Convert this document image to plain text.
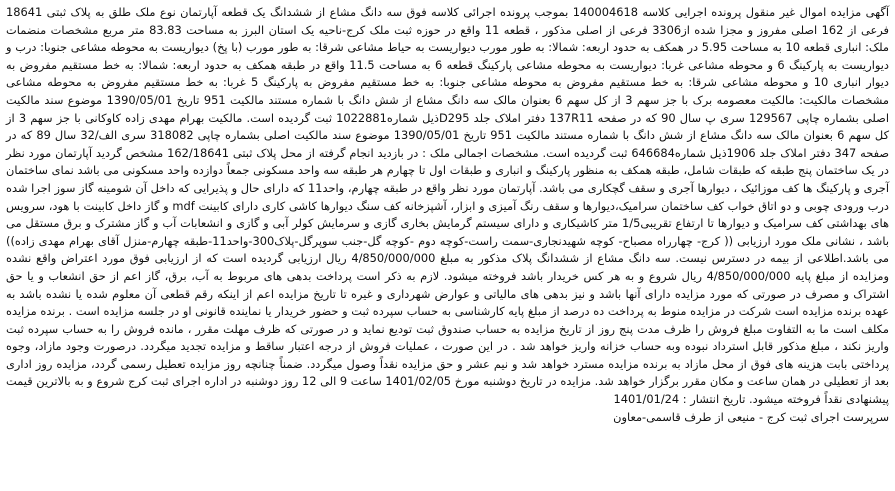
آگهی مزایده اموال غیر منقول پرونده اجرایی کلاسه 140004618 بموجب پرونده اجرائی کلاسه فوق سه دانگ مشاع از ششدانگ یک قطعه آپارتمان نوع ملک طلق به پلاک ثبتی 18641 فرعی از 162 اصلی مفروز و مجزا شده از3306 فرعی از اصلی مذکور ، قطعه 11 واقع در حوزه ثبت ملک کرج-ناحیه یک استان البرز به مساحت 83.83 متر مربع مشخصات منضمات ملک: انباری قطعه 10 به مساحت 5.95 در همکف به حدود اربعه: شمالا: به طور مورب دیواریست به حیاط مشاعی شرقا: به طور مورب (با پخ) دیواریست به محوطه مشاعی جنوبا: درب و دیواریست به پارکینگ 6 و محوطه مشاعی غربا: دیواریست به محوطه مشاعی پارکینگ قطعه 6 به مساحت 11.5 واقع در طبقه همکف به حدود اربعه: شمالا: به خط مستقیم مفروض به دیوار انباری 10 و محوطه مشاعی شرقا: به خط مستقیم مفروض به محوطه مشاعی جنوبا: به خط مستقیم مفروض به پارکینگ 5 غربا: به خط مستقیم مفروض به محوطه مشاعی مشخصات مالکیت: مالکیت معصومه برک با جز سهم 3 از کل سهم 6 بعنوان مالک سه دانگ مشاع از شش دانگ با شماره مستند مالکیت 951 تاریخ 1390/05/01 موضوع سند مالکیت اصلی بشماره چاپی 129567 سری پ سال 90 که در صفحه 137R11 دفتر املاک جلد D295ذیل شماره1022881 ثبت گردیده است. مالکیت بهرام مهدی زاده کاوکانی با جز سهم 3 از کل سهم 6 بعنوان مالک سه دانگ مشاع از شش دانگ با شماره مستند مالکیت 951 تاریخ 1390/05/01 موضوع سند مالکیت اصلی بشماره چاپی 318082 سری الف/32 سال 89 که در صفحه 347 دفتر املاک جلد 1906ذیل شماره646684 ثبت گردیده است. مشخصات اجمالی ملک : در بازدید انجام گرفته از محل پلاک ثبتی 162/18641 مشخص گردید آپارتمان مورد نظر در یک ساختمان پنج طبقه که طبقات شامل، طبقه همکف به منظور پارکینگ و انباری و طبقات اول تا چهارم هر طبقه سه واحد مسکونی جمعاً دوازده واحد مسکونی می باشد نمای ساختمان آجری و پارکینگ ها کف موزائیک ، دیوارها آجری و سقف گچکاری می باشد. آپارتمان مورد نظر واقع در طبقه چهارم، واحد11 که دارای حال و پذیرایی که داخل آن شومینه گاز سوز اجرا شده درب ورودی چوبی و دو اتاق خواب کف ساختمان سرامیک،دیوارها و سقف رنگ آمیزی و ابزار، آشپزخانه کف سنگ دیوارها کاشی کاری دارای کابینت mdf و گاز داخل کابینت با هود، سرویس های بهداشتی کف سرامیک و دیوارها تا ارتفاع تقریبی1/5 متر کاشیکاری و دارای سیستم گرمایش بخاری گازی و سرمایش کولر آبی و گازی و انشعابات آب و گاز مشترک و برق مستقل می باشد ، نشانی ملک مورد ارزیابی (( کرج- چهارراه مصباح- کوچه شهیدنجاری-سمت راست-کوچه دوم -کوچه گل-جنب سوپرگل-پلاک300-واحد11-طبقه چهارم-منزل آقای بهرام مهدی زاده)) می باشد.اطلاعی از بیمه در دسترس نیست. سه دانگ مشاع از ششدانگ پلاک مذکور به مبلغ 4/850/000/000 ریال ارزیابی گردیده است که از ارزیابی فوق مورد اعتراض واقع نشده ومزایده از مبلغ پایه 4/850/000/000 ریال شروع و به هر کس خریدار باشد فروخته میشود. لازم به ذکر است پرداخت بدهی های مربوط به آب، برق، گاز اعم از حق انشعاب و یا حق اشتراک و مصرف در صورتی که مورد مزایده دارای آنها باشد و نیز بدهی های مالیاتی و عوارض شهرداری و غیره تا تاریخ مزایده اعم از اینکه رقم قطعی آن معلوم شده یا نشده باشد به عهده برنده مزایده است شرکت در مزایده منوط به پرداخت ده درصد از مبلغ پایه کارشناسی به حساب سپرده ثبت و حضور خریدار یا نماینده قانونی او در جلسه مزایده است . برنده مزایده مکلف است ما به التفاوت مبلغ فروش را ظرف مدت پنج روز از تاریخ مزایده به حساب صندوق ثبت تودیع نماید و در صورتی که ظرف مهلت مقرر ، مانده فروش را به حساب سپرده ثبت واریز نکند ، مبلغ مذکور قابل استرداد نبوده وبه حساب خزانه واریز خواهد شد . در این صورت ، عملیات فروش از درجه اعتبار ساقط و مزایده تجدید میگردد. درصورت وجود مازاد، وجوه پرداختی بابت هزینه های فوق از محل مازاد به برنده مزایده مسترد خواهد شد و نیم عشر و حق مزایده نقداً وصول میگردد. ضمناً چنانچه روز مزایده تعطیل رسمی گردد، مزایده روز اداری بعد از تعطیلی در همان ساعت و مکان مقرر برگزار خواهد شد. مزایده در تاریخ دوشنبه مورخ 1401/02/05 ساعت 9 الی 12 روز دوشنبه در اداره اجرای ثبت کرج شروع و به بالاترین قیمت پیشنهادی نقداً فروخته میشود. تاریخ انتشار : 1401/01/24

سرپرست اجرای ثبت کرج - منیعی از طرف قاسمی-معاون
